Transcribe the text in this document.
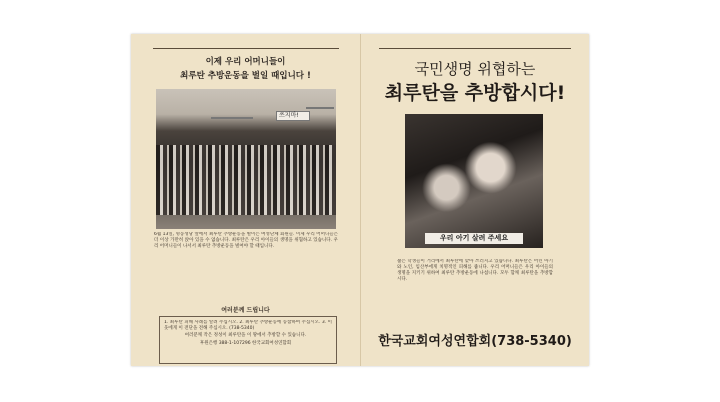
이제 우리 어머니들이
최루탄 추방운동을 벌일 때입니다 !
쓰지마!
6월 13일, 명동성당 앞에서 최루탄 추방운동을 벌이는 여성단체 회원들. 이제 우리 어머니들은 더 이상 가만히 앉아 있을 수 없습니다. 최루탄은 우리 아이들의 생명을 위협하고 있습니다. 우리 어머니들이 나서서 최루탄 추방운동을 벌여야 할 때입니다.
여러분께 드립니다
1. 최루탄 피해 사례를 알려 주십시오. 2. 최루탄 추방운동에 동참하여 주십시오. 3. 이웃에게 이 전단을 전해 주십시오. (738-5340)
국민생명 위협하는
최루탄을 추방합시다!
우리 아기 살려 주세요
젊은 학생들이 거리에서 최루탄에 맞아 쓰러지고 있습니다. 최루탄은 어린 아기와 노인, 임산부에게 치명적인 피해를 줍니다. 우리 어머니들은 우리 아이들의 생명을 지키기 위하여 최루탄 추방운동에 나섭니다. 모두 함께 최루탄을 추방합시다.
한국교회여성연합회(738-5340)
여러분께 작은 정성이 최루탄을 이 땅에서 추방할 수 있습니다.
후원은행 388-1-107296 한국교회여성연합회
